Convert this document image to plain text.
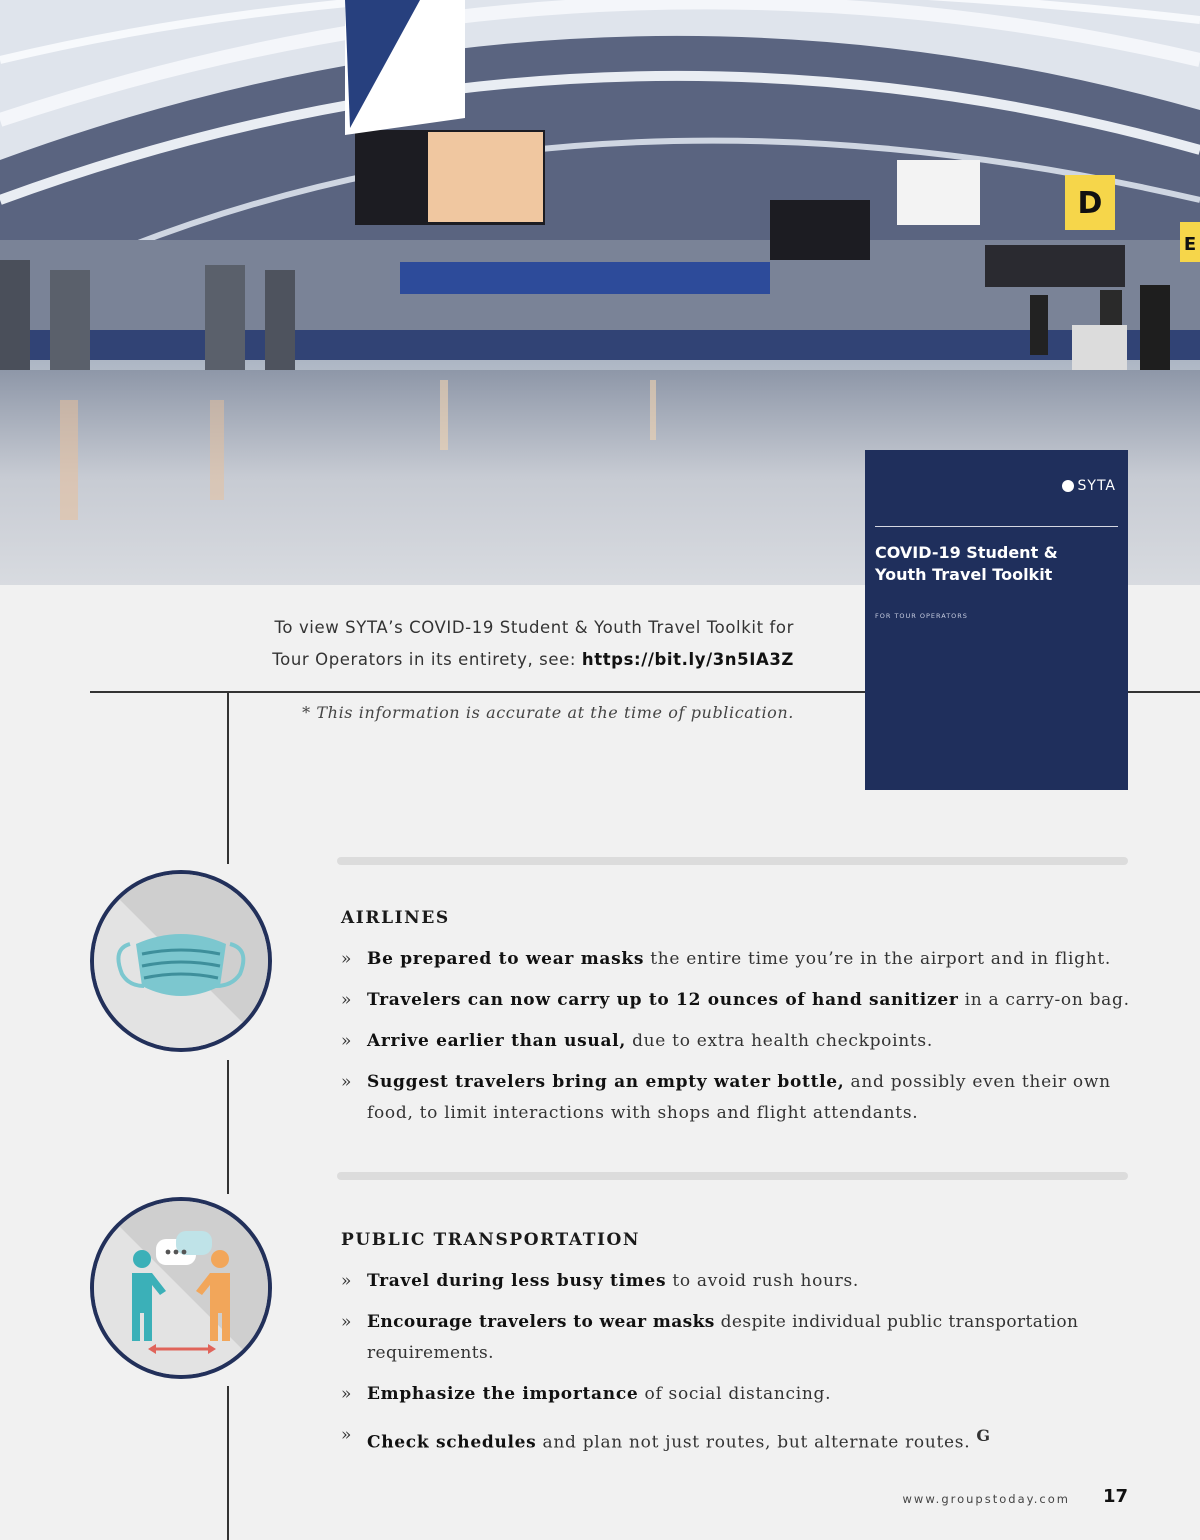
D
E
SYTA
COVID-19 Student & Youth Travel Toolkit
FOR TOUR OPERATORS
To view SYTA’s COVID-19 Student & Youth Travel Toolkit for
Tour Operators in its entirety, see: https://bit.ly/3n5IA3Z
* This information is accurate at the time of publication.
AIRLINES
» Be prepared to wear masks the entire time you’re in the airport and in flight.
» Travelers can now carry up to 12 ounces of hand sanitizer in a carry-on bag.
» Arrive earlier than usual, due to extra health checkpoints.
» Suggest travelers bring an empty water bottle, and possibly even their own food, to limit interactions with shops and flight attendants.
PUBLIC TRANSPORTATION
» Travel during less busy times to avoid rush hours.
» Encourage travelers to wear masks despite individual public transportation requirements.
» Emphasize the importance of social distancing.
» Check schedules and plan not just routes, but alternate routes. G
www.groupstoday.com 17
